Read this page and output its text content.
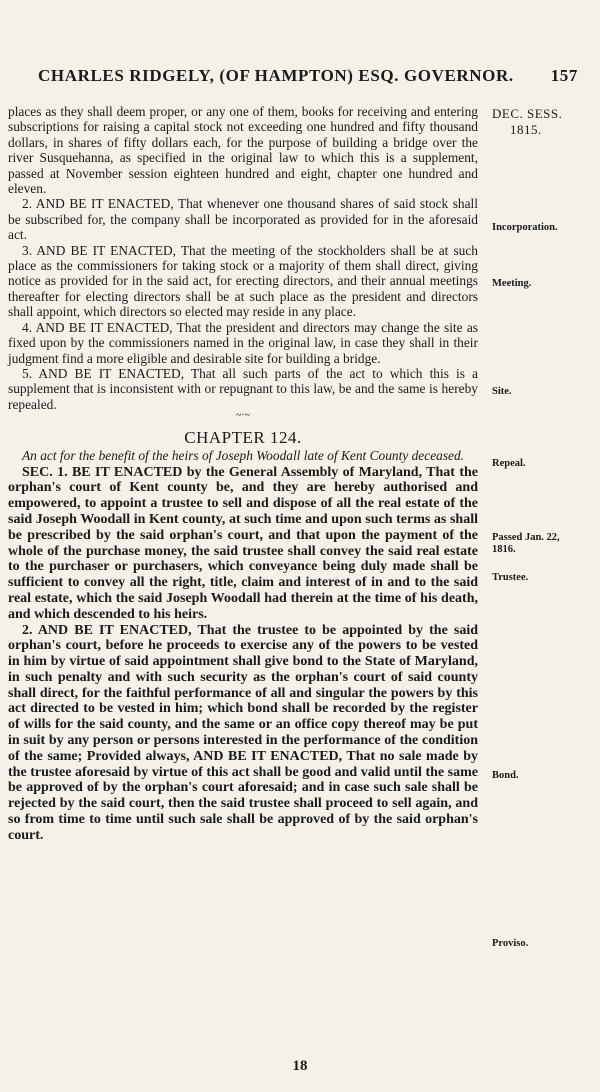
CHARLES RIDGELY, (OF HAMPTON) ESQ. GOVERNOR. 157
DEC. SESS.
1815.
Incorporation.
Meeting.
Site.
Repeal.
Passed Jan. 22, 1816.
Trustee.
Bond.
Proviso.

places as they shall deem proper, or any one of them, books for receiving and entering subscriptions for raising a capital stock not exceeding one hundred and fifty thousand dollars, in shares of fifty dollars each, for the purpose of building a bridge over the river Susquehanna, as specified in the original law to which this is a supplement, passed at November session eighteen hundred and eight, chapter one hundred and eleven.

2. AND BE IT ENACTED, That whenever one thousand shares of said stock shall be subscribed for, the company shall be incorporated as provided for in the aforesaid act.

3. AND BE IT ENACTED, That the meeting of the stockholders shall be at such place as the commissioners for taking stock or a majority of them shall direct, giving notice as provided for in the said act, for erecting directors, and their annual meetings thereafter for electing directors shall be at such place as the president and directors shall appoint, which directors so elected may reside in any place.

4. AND BE IT ENACTED, That the president and directors may change the site as fixed upon by the commissioners named in the original law, in case they shall in their judgment find a more eligible and desirable site for building a bridge.

5. AND BE IT ENACTED, That all such parts of the act to which this is a supplement that is inconsistent with or repugnant to this law, be and the same is hereby repealed.

~·~
CHAPTER 124.
An act for the benefit of the heirs of Joseph Woodall late of Kent County deceased.

SEC. 1. BE IT ENACTED by the General Assembly of Maryland, That the orphan's court of Kent county be, and they are hereby authorised and empowered, to appoint a trustee to sell and dispose of all the real estate of the said Joseph Woodall in Kent county, at such time and upon such terms as shall be prescribed by the said orphan's court, and that upon the payment of the whole of the purchase money, the said trustee shall convey the said real estate to the purchaser or purchasers, which conveyance being duly made shall be sufficient to convey all the right, title, claim and interest of in and to the said real estate, which the said Joseph Woodall had therein at the time of his death, and which descended to his heirs.

2. AND BE IT ENACTED, That the trustee to be appointed by the said orphan's court, before he proceeds to exercise any of the powers to be vested in him by virtue of said appointment shall give bond to the State of Maryland, in such penalty and with such security as the orphan's court of said county shall direct, for the faithful performance of all and singular the powers by this act directed to be vested in him; which bond shall be recorded by the register of wills for the said county, and the same or an office copy thereof may be put in suit by any person or persons interested in the performance of the condition of the same; Provided always, AND BE IT ENACTED, That no sale made by the trustee aforesaid by virtue of this act shall be good and valid until the same be approved of by the orphan's court aforesaid; and in case such sale shall be rejected by the said court, then the said trustee shall proceed to sell again, and so from time to time until such sale shall be approved of by the said orphan's court.

18
